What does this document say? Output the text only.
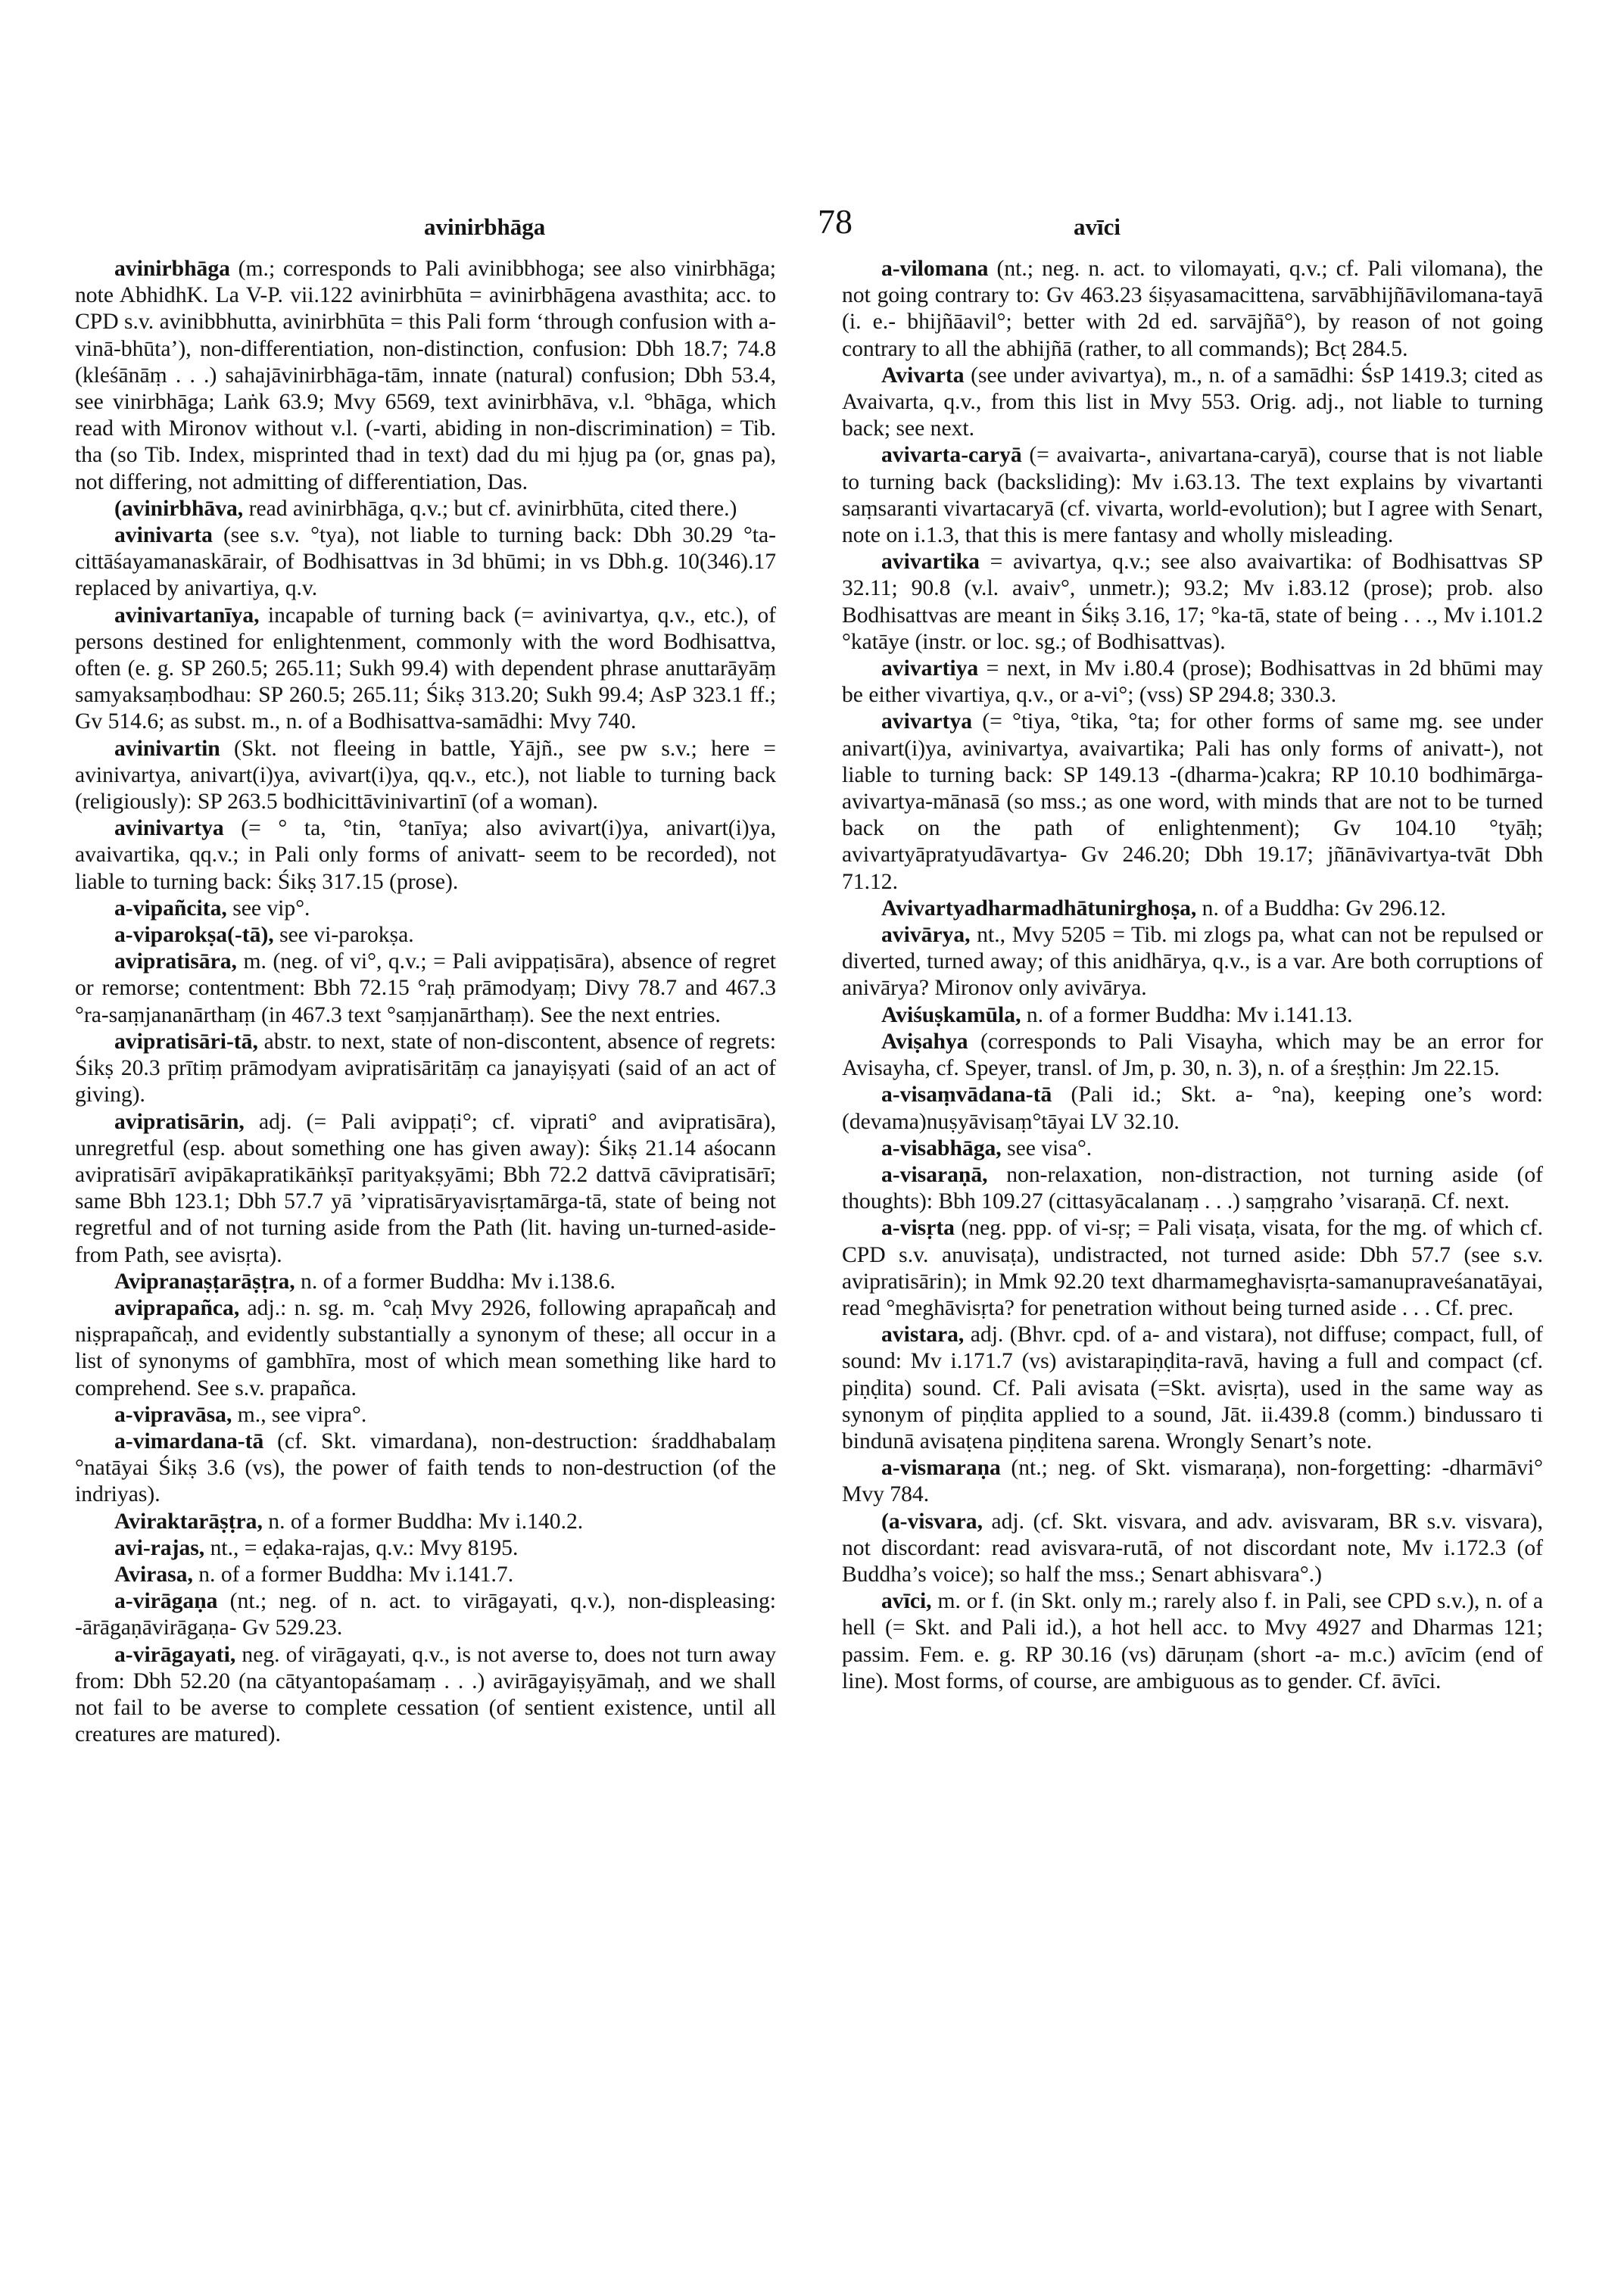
avinirbhāga	78	avīci

avinirbhāga (m.; corresponds to Pali avinibbhoga; see also vinirbhāga; note AbhidhK. La V-P. vii.122 avinirbhūta = avinirbhāgena avasthita; acc. to CPD s.v. avinibbhutta, avinirbhūta = this Pali form ‘through confusion with a-vinā-bhūta’), non-differentiation, non-distinction, confusion: Dbh 18.7; 74.8 (kleśānāṃ . . .) sahajāvinirbhāga-tām, innate (natural) confusion; Dbh 53.4, see vinirbhāga; Laṅk 63.9; Mvy 6569, text avinirbhāva, v.l. °bhāga, which read with Mironov without v.l. (-varti, abiding in non-discrimination) = Tib. tha (so Tib. Index, misprinted thad in text) dad du mi ḥjug pa (or, gnas pa), not differing, not admitting of differentiation, Das.

(avinirbhāva, read avinirbhāga, q.v.; but cf. avinirbhūta, cited there.)

avinivarta (see s.v. °tya), not liable to turning back: Dbh 30.29 °ta-cittāśayamanaskārair, of Bodhisattvas in 3d bhūmi; in vs Dbh.g. 10(346).17 replaced by anivartiya, q.v.

avinivartanīya, incapable of turning back (= avinivartya, q.v., etc.), of persons destined for enlightenment, commonly with the word Bodhisattva, often (e. g. SP 260.5; 265.11; Sukh 99.4) with dependent phrase anuttarāyāṃ samyaksaṃbodhau: SP 260.5; 265.11; Śikṣ 313.20; Sukh 99.4; AsP 323.1 ff.; Gv 514.6; as subst. m., n. of a Bodhisattva-samādhi: Mvy 740.

avinivartin (Skt. not fleeing in battle, Yājñ., see pw s.v.; here = avinivartya, anivart(i)ya, avivart(i)ya, qq.v., etc.), not liable to turning back (religiously): SP 263.5 bodhicittāvinivartinī (of a woman).

avinivartya (= ° ta, °tin, °tanīya; also avivart(i)ya, anivart(i)ya, avaivartika, qq.v.; in Pali only forms of anivatt- seem to be recorded), not liable to turning back: Śikṣ 317.15 (prose).

a-vipañcita, see vip°.

a-viparokṣa(-tā), see vi-parokṣa.

avipratisāra, m. (neg. of vi°, q.v.; = Pali avippaṭisāra), absence of regret or remorse; contentment: Bbh 72.15 °raḥ prāmodyaṃ; Divy 78.7 and 467.3 °ra-saṃjananārthaṃ (in 467.3 text °saṃjanārthaṃ). See the next entries.

avipratisāri-tā, abstr. to next, state of non-discontent, absence of regrets: Śikṣ 20.3 prītiṃ prāmodyam avipratisāritāṃ ca janayiṣyati (said of an act of giving).

avipratisārin, adj. (= Pali avippaṭi°; cf. viprati° and avipratisāra), unregretful (esp. about something one has given away): Śikṣ 21.14 aśocann avipratisārī avipākapratikāṅkṣī parityakṣyāmi; Bbh 72.2 dattvā cāvipratisārī; same Bbh 123.1; Dbh 57.7 yā ’vipratisāryavisṛtamārga-tā, state of being not regretful and of not turning aside from the Path (lit. having un-turned-aside-from Path, see avisṛta).

Avipranaṣṭarāṣṭra, n. of a former Buddha: Mv i.138.6.

aviprapañca, adj.: n. sg. m. °caḥ Mvy 2926, following aprapañcaḥ and niṣprapañcaḥ, and evidently substantially a synonym of these; all occur in a list of synonyms of gambhīra, most of which mean something like hard to comprehend. See s.v. prapañca.

a-vipravāsa, m., see vipra°.

a-vimardana-tā (cf. Skt. vimardana), non-destruction: śraddhabalaṃ °natāyai Śikṣ 3.6 (vs), the power of faith tends to non-destruction (of the indriyas).

Aviraktarāṣṭra, n. of a former Buddha: Mv i.140.2.

avi-rajas, nt., = eḍaka-rajas, q.v.: Mvy 8195.

Avirasa, n. of a former Buddha: Mv i.141.7.

a-virāgaṇa (nt.; neg. of n. act. to virāgayati, q.v.), non-displeasing: -ārāgaṇāvirāgaṇa- Gv 529.23.

a-virāgayati, neg. of virāgayati, q.v., is not averse to, does not turn away from: Dbh 52.20 (na cātyantopaśamaṃ . . .) avirāgayiṣyāmaḥ, and we shall not fail to be averse to complete cessation (of sentient existence, until all creatures are matured).

a-vilomana (nt.; neg. n. act. to vilomayati, q.v.; cf. Pali vilomana), the not going contrary to: Gv 463.23 śiṣyasamacittena, sarvābhijñāvilomana-tayā (i. e.- bhijñāavil°; better with 2d ed. sarvājñā°), by reason of not going contrary to all the abhijñā (rather, to all commands); Bcṭ 284.5.

Avivarta (see under avivartya), m., n. of a samādhi: ŚsP 1419.3; cited as Avaivarta, q.v., from this list in Mvy 553. Orig. adj., not liable to turning back; see next.

avivarta-caryā (= avaivarta-, anivartana-caryā), course that is not liable to turning back (backsliding): Mv i.63.13. The text explains by vivartanti saṃsaranti vivartacaryā (cf. vivarta, world-evolution); but I agree with Senart, note on i.1.3, that this is mere fantasy and wholly misleading.

avivartika = avivartya, q.v.; see also avaivartika: of Bodhisattvas SP 32.11; 90.8 (v.l. avaiv°, unmetr.); 93.2; Mv i.83.12 (prose); prob. also Bodhisattvas are meant in Śikṣ 3.16, 17; °ka-tā, state of being . . ., Mv i.101.2 °katāye (instr. or loc. sg.; of Bodhisattvas).

avivartiya = next, in Mv i.80.4 (prose); Bodhisattvas in 2d bhūmi may be either vivartiya, q.v., or a-vi°; (vss) SP 294.8; 330.3.

avivartya (= °tiya, °tika, °ta; for other forms of same mg. see under anivart(i)ya, avinivartya, avaivartika; Pali has only forms of anivatt-), not liable to turning back: SP 149.13 -(dharma-)cakra; RP 10.10 bodhimārga-avivartya-mānasā (so mss.; as one word, with minds that are not to be turned back on the path of enlightenment); Gv 104.10 °tyāḥ; avivartyāpratyudāvartya- Gv 246.20; Dbh 19.17; jñānāvivartya-tvāt Dbh 71.12.

Avivartyadharmadhātunirghoṣa, n. of a Buddha: Gv 296.12.

avivārya, nt., Mvy 5205 = Tib. mi zlogs pa, what can not be repulsed or diverted, turned away; of this anidhārya, q.v., is a var. Are both corruptions of anivārya? Mironov only avivārya.

Aviśuṣkamūla, n. of a former Buddha: Mv i.141.13.

Aviṣahya (corresponds to Pali Visayha, which may be an error for Avisayha, cf. Speyer, transl. of Jm, p. 30, n. 3), n. of a śreṣṭhin: Jm 22.15.

a-visaṃvādana-tā (Pali id.; Skt. a- °na), keeping one’s word: (devama)nuṣyāvisaṃ°tāyai LV 32.10.

a-visabhāga, see visa°.

a-visaraṇā, non-relaxation, non-distraction, not turning aside (of thoughts): Bbh 109.27 (cittasyācalanaṃ . . .) saṃgraho ’visaraṇā. Cf. next.

a-visṛta (neg. ppp. of vi-sṛ; = Pali visaṭa, visata, for the mg. of which cf. CPD s.v. anuvisaṭa), undistracted, not turned aside: Dbh 57.7 (see s.v. avipratisārin); in Mmk 92.20 text dharmameghavisṛta-samanupraveśanatāyai, read °meghāvisṛta? for penetration without being turned aside . . . Cf. prec.

avistara, adj. (Bhvr. cpd. of a- and vistara), not diffuse; compact, full, of sound: Mv i.171.7 (vs) avistarapiṇḍita-ravā, having a full and compact (cf. piṇḍita) sound. Cf. Pali avisata (=Skt. avisṛta), used in the same way as synonym of piṇḍita applied to a sound, Jāt. ii.439.8 (comm.) bindussaro ti bindunā avisaṭena piṇḍitena sarena. Wrongly Senart’s note.

a-vismaraṇa (nt.; neg. of Skt. vismaraṇa), non-forgetting: -dharmāvi° Mvy 784.

(a-visvara, adj. (cf. Skt. visvara, and adv. avisvaram, BR s.v. visvara), not discordant: read avisvara-rutā, of not discordant note, Mv i.172.3 (of Buddha’s voice); so half the mss.; Senart abhisvara°.)

avīci, m. or f. (in Skt. only m.; rarely also f. in Pali, see CPD s.v.), n. of a hell (= Skt. and Pali id.), a hot hell acc. to Mvy 4927 and Dharmas 121; passim. Fem. e. g. RP 30.16 (vs) dāruṇam (short -a- m.c.) avīcim (end of line). Most forms, of course, are ambiguous as to gender. Cf. āvīci.
